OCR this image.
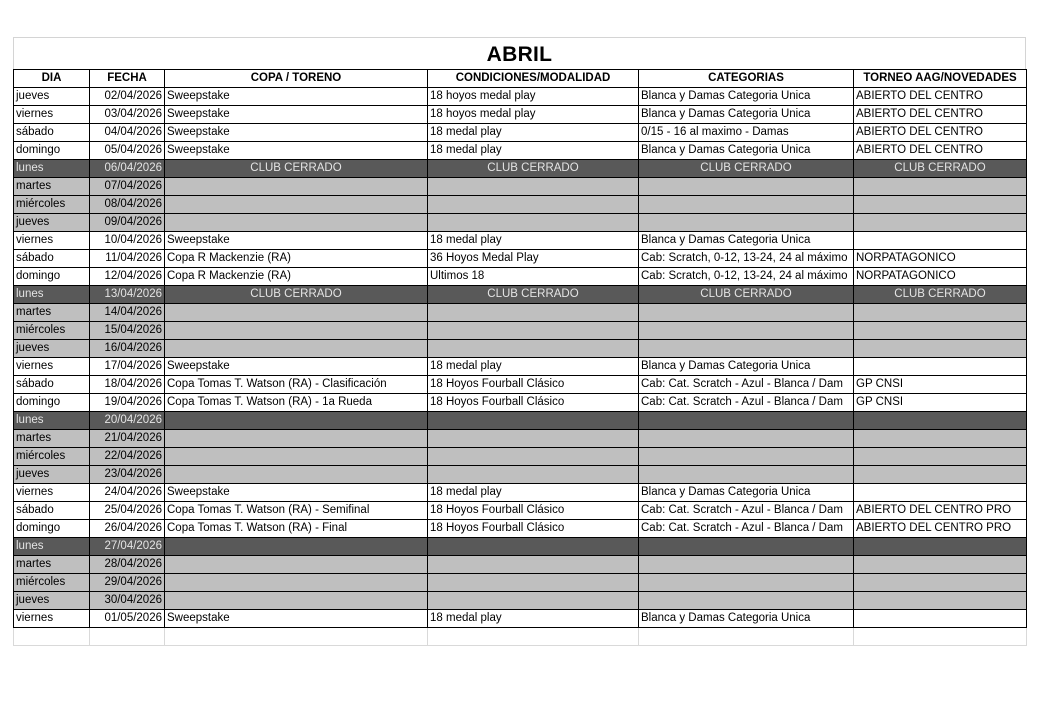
ABRIL
DIA	FECHA	COPA / TORENO	CONDICIONES/MODALIDAD	CATEGORIAS	TORNEO AAG/NOVEDADES
jueves	02/04/2026	Sweepstake	18 hoyos medal play	Blanca y Damas Categoria Unica	ABIERTO DEL CENTRO
viernes	03/04/2026	Sweepstake	18 hoyos medal play	Blanca y Damas Categoria Unica	ABIERTO DEL CENTRO
sábado	04/04/2026	Sweepstake	18 medal play	0/15 - 16 al maximo - Damas	ABIERTO DEL CENTRO
domingo	05/04/2026	Sweepstake	18 medal play	Blanca y Damas Categoria Unica	ABIERTO DEL CENTRO
lunes	06/04/2026	CLUB CERRADO	CLUB CERRADO	CLUB CERRADO	CLUB CERRADO
martes	07/04/2026				
miércoles	08/04/2026				
jueves	09/04/2026				
viernes	10/04/2026	Sweepstake	18 medal play	Blanca y Damas Categoria Unica	
sábado	11/04/2026	Copa R Mackenzie (RA)	36 Hoyos Medal Play	Cab: Scratch, 0-12, 13-24, 24 al máximo	NORPATAGONICO
domingo	12/04/2026	Copa R Mackenzie (RA)	Ultimos 18	Cab: Scratch, 0-12, 13-24, 24 al máximo	NORPATAGONICO
lunes	13/04/2026	CLUB CERRADO	CLUB CERRADO	CLUB CERRADO	CLUB CERRADO
martes	14/04/2026				
miércoles	15/04/2026				
jueves	16/04/2026				
viernes	17/04/2026	Sweepstake	18 medal play	Blanca y Damas Categoria Unica	
sábado	18/04/2026	Copa Tomas T. Watson (RA) - Clasificación	18 Hoyos Fourball Clásico	Cab: Cat. Scratch - Azul - Blanca / Dam	GP CNSI
domingo	19/04/2026	Copa Tomas T. Watson (RA) - 1a Rueda	18 Hoyos Fourball Clásico	Cab: Cat. Scratch - Azul - Blanca / Dam	GP CNSI
lunes	20/04/2026				
martes	21/04/2026				
miércoles	22/04/2026				
jueves	23/04/2026				
viernes	24/04/2026	Sweepstake	18 medal play	Blanca y Damas Categoria Unica	
sábado	25/04/2026	Copa Tomas T. Watson (RA) - Semifinal	18 Hoyos Fourball Clásico	Cab: Cat. Scratch - Azul - Blanca / Dam	ABIERTO DEL CENTRO PRO
domingo	26/04/2026	Copa Tomas T. Watson (RA) - Final	18 Hoyos Fourball Clásico	Cab: Cat. Scratch - Azul - Blanca / Dam	ABIERTO DEL CENTRO PRO
lunes	27/04/2026				
martes	28/04/2026				
miércoles	29/04/2026				
jueves	30/04/2026				
viernes	01/05/2026	Sweepstake	18 medal play	Blanca y Damas Categoria Unica	
